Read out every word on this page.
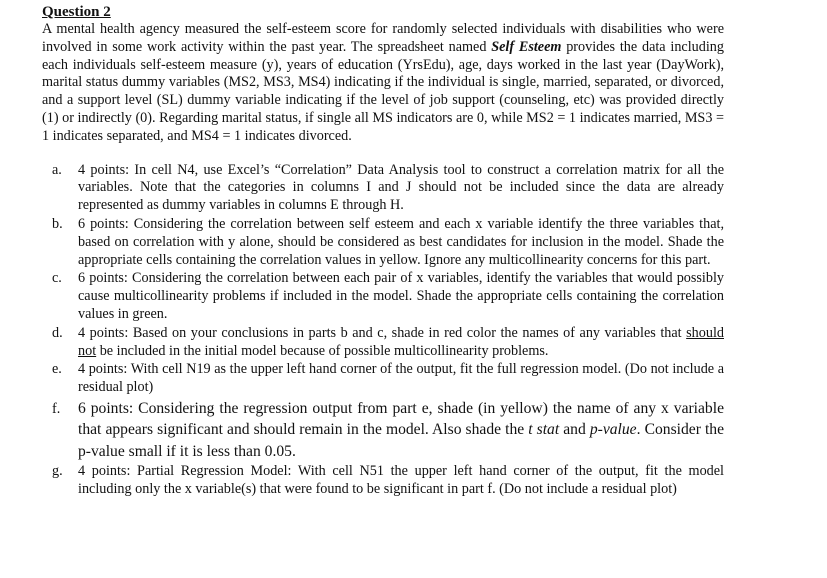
Question 2

A mental health agency measured the self-esteem score for randomly selected individuals with disabilities who were involved in some work activity within the past year. The spreadsheet named Self Esteem provides the data including each individuals self-esteem measure (y), years of education (YrsEdu), age, days worked in the last year (DayWork), marital status dummy variables (MS2, MS3, MS4) indicating if the individual is single, married, separated, or divorced, and a support level (SL) dummy variable indicating if the level of job support (counseling, etc) was provided directly (1) or indirectly (0). Regarding marital status, if single all MS indicators are 0, while MS2 = 1 indicates married, MS3 = 1 indicates separated, and MS4 = 1 indicates divorced.

a. 4 points: In cell N4, use Excel’s “Correlation” Data Analysis tool to construct a correlation matrix for all the variables. Note that the categories in columns I and J should not be included since the data are already represented as dummy variables in columns E through H.
b. 6 points: Considering the correlation between self esteem and each x variable identify the three variables that, based on correlation with y alone, should be considered as best candidates for inclusion in the model. Shade the appropriate cells containing the correlation values in yellow. Ignore any multicollinearity concerns for this part.
c. 6 points: Considering the correlation between each pair of x variables, identify the variables that would possibly cause multicollinearity problems if included in the model. Shade the appropriate cells containing the correlation values in green.
d. 4 points: Based on your conclusions in parts b and c, shade in red color the names of any variables that should not be included in the initial model because of possible multicollinearity problems.
e. 4 points: With cell N19 as the upper left hand corner of the output, fit the full regression model. (Do not include a residual plot)
f. 6 points: Considering the regression output from part e, shade (in yellow) the name of any x variable that appears significant and should remain in the model. Also shade the t stat and p-value. Consider the p-value small if it is less than 0.05.
g. 4 points: Partial Regression Model: With cell N51 the upper left hand corner of the output, fit the model including only the x variable(s) that were found to be significant in part f. (Do not include a residual plot)
